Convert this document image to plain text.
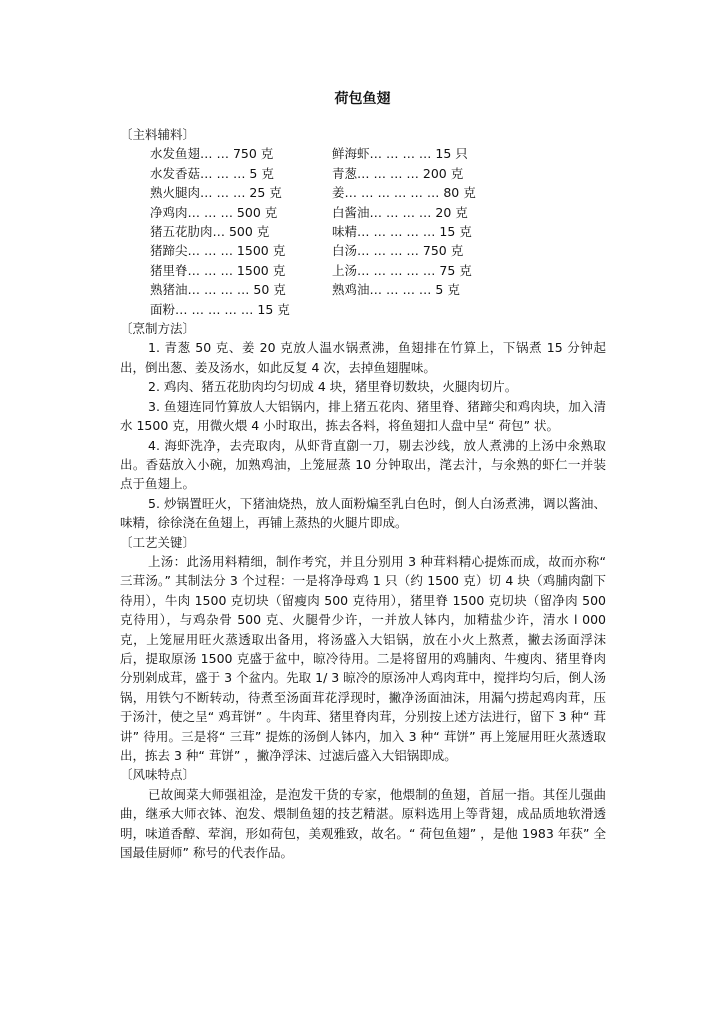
荷包鱼翅
〔主料辅料〕
水发鱼翅… … 750 克	鲜海虾… … … … 15 只
水发香菇… … … 5 克	青葱… … … … 200 克
熟火腿肉… … … 25 克	姜… … … … … … 80 克
净鸡肉… … … 500 克	白酱油… … … … 20 克
猪五花肋肉… 500 克	味精… … … … … 15 克
猪蹄尖… … … 1500 克	白汤… … … … 750 克
猪里脊… … … 1500 克	上汤… … … … … 75 克
熟猪油… … … … 50 克	熟鸡油… … … … 5 克
面粉… … … … … 15 克
〔烹制方法〕
1. 青葱 50 克、姜 20 克放人温水锅煮沸，鱼翅排在竹算上，下锅煮 15 分钟起出，倒出葱、姜及汤水，如此反复 4 次，去掉鱼翅腥味。
2. 鸡肉、猪五花肋肉均匀切成 4 块，猪里脊切数块，火腿肉切片。
3. 鱼翅连同竹算放人大铝锅内，排上猪五花肉、猪里脊、猪蹄尖和鸡肉块，加入清水 1500 克，用微火煨 4 小时取出，拣去各料，将鱼翅扣人盘中呈“ 荷包” 状。
4. 海虾洗净，去壳取肉，从虾背直劏一刀，剔去沙线，放人煮沸的上汤中氽熟取出。香菇放入小碗，加熟鸡油，上笼屉蒸 10 分钟取出，滗去汁，与氽熟的虾仁一并装点于鱼翅上。
5. 炒锅置旺火，下猪油烧热，放人面粉煸至乳白色时，倒人白汤煮沸，调以酱油、味精，徐徐浇在鱼翅上，再铺上蒸热的火腿片即成。
〔工艺关键〕
上汤：此汤用料精细，制作考究，并且分别用 3 种茸料精心提炼而成，故而亦称“ 三茸汤。” 其制法分 3 个过程：一是将净母鸡 1 只（约 1500 克）切 4 块（鸡脯肉劏下待用），牛肉 1500 克切块（留瘦肉 500 克待用），猪里脊 1500 克切块（留净肉 500 克待用），与鸡杂骨 500 克、火腿骨少许，一并放人钵内，加精盐少许，清水 l 000 克，上笼屉用旺火蒸透取出备用，将汤盛入大铝锅，放在小火上熬煮，撇去汤面浮沫后，提取原汤 1500 克盛于盆中，晾冷待用。二是将留用的鸡脯肉、牛瘦肉、猪里脊肉分别剁成茸，盛于 3 个盆内。先取 1/ 3 晾冷的原汤冲人鸡肉茸中，搅拌均匀后，倒人汤锅，用铁勺不断转动，待煮至汤面茸花浮现时，撇净汤面油沫，用漏勺捞起鸡肉茸，压于汤汁，使之呈“ 鸡茸饼” 。牛肉茸、猪里脊肉茸，分别按上述方法进行，留下 3 种“ 茸讲” 待用。三是将“ 三茸” 提炼的汤倒人钵内，加入 3 种“ 茸饼” 再上笼屉用旺火蒸透取出，拣去 3 种“ 茸饼” ，撇净浮沫、过滤后盛入大铝锅即成。
〔风味特点〕
已故闽菜大师强祖淦，是泡发干货的专家，他煨制的鱼翅，首屈一指。其侄儿强曲曲，继承大师衣钵、泡发、煨制鱼翅的技艺精湛。原料选用上等背翅，成品质地软滑透明，味道香醇、荤润，形如荷包，美观雅致，故名。“ 荷包鱼翅” ，是他 1983 年获” 全国最佳厨师” 称号的代表作品。
